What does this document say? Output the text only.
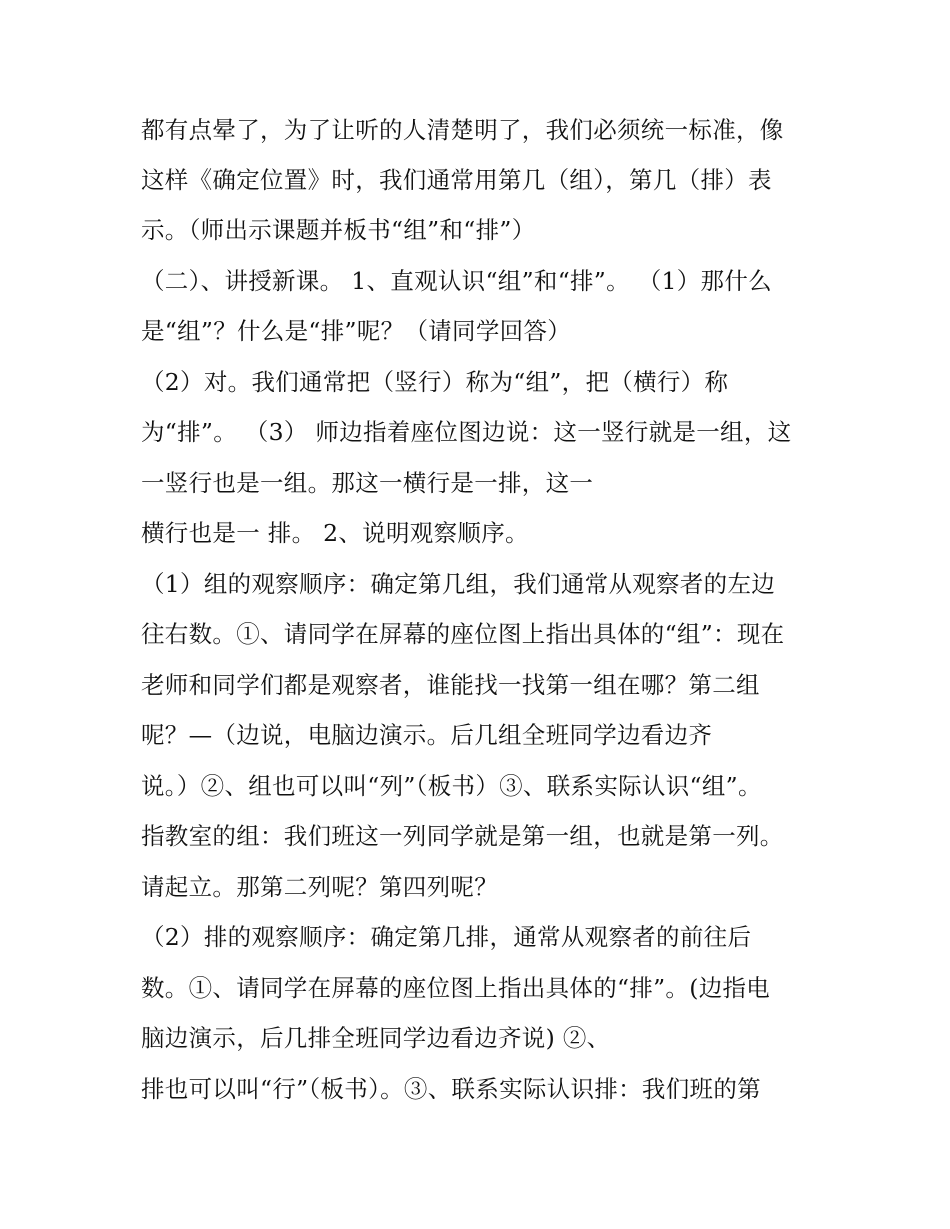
都有点晕了，为了让听的人清楚明了，我们必须统一标准，像
这样《确定位置》时，我们通常用第几（组），第几（排）表
示。（师出示课题并板书“组”和“排”）
（二）、讲授新课。 1、直观认识“组”和“排”。 （1）那什么
是“组”？什么是“排”呢？（请同学回答）
（2）对。我们通常把（竖行）称为“组”，把（横行）称
为“排”。 （3） 师边指着座位图边说：这一竖行就是一组，这
一竖行也是一组。那这一横行是一排，这一
横行也是一 排。 2、说明观察顺序。
（1）组的观察顺序：确定第几组，我们通常从观察者的左边
往右数。①、请同学在屏幕的座位图上指出具体的“组”：现在
老师和同学们都是观察者，谁能找一找第一组在哪？第二组
呢？—（边说，电脑边演示。后几组全班同学边看边齐
说。）②、组也可以叫“列”（板书）③、联系实际认识“组”。
指教室的组：我们班这一列同学就是第一组，也就是第一列。
请起立。那第二列呢？第四列呢？
（2）排的观察顺序：确定第几排，通常从观察者的前往后
数。①、请同学在屏幕的座位图上指出具体的“排”。(边指电
脑边演示，后几排全班同学边看边齐说) ②、
排也可以叫“行”（板书）。③、联系实际认识排：我们班的第
